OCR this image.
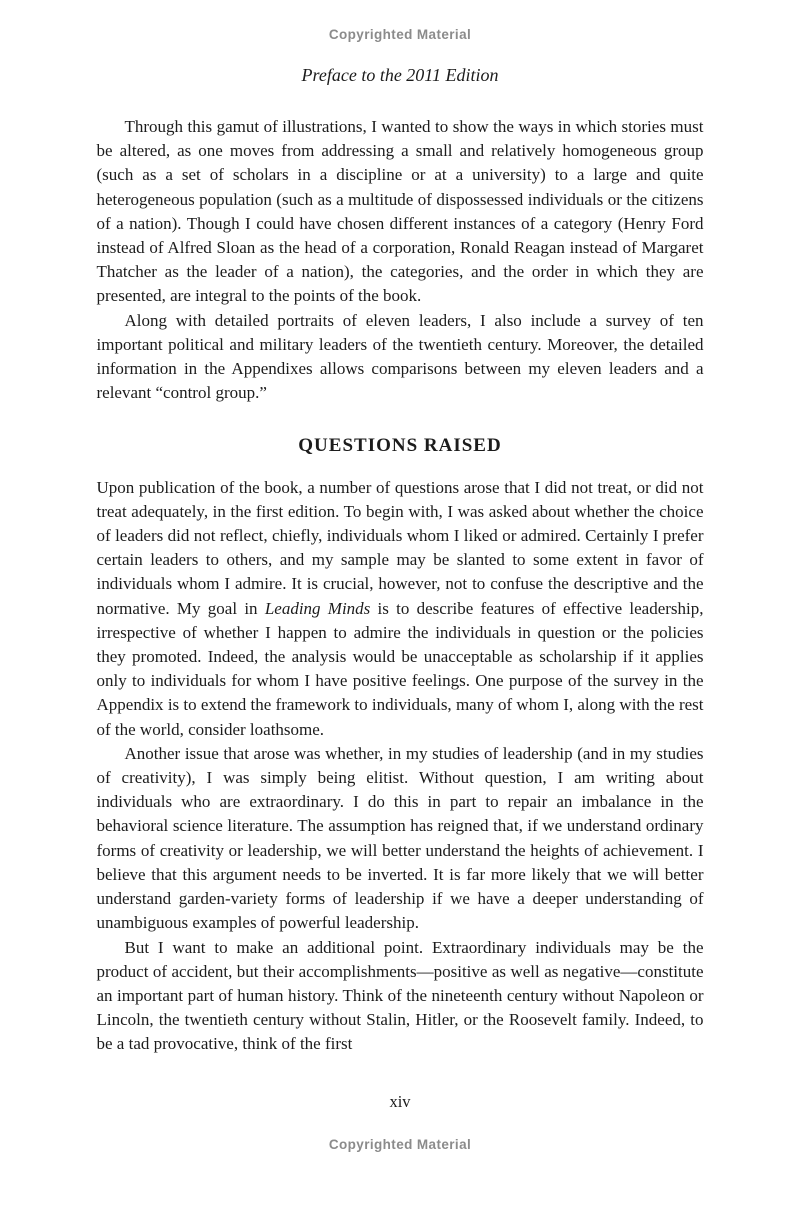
Copyrighted Material
Preface to the 2011 Edition

Through this gamut of illustrations, I wanted to show the ways in which stories must be altered, as one moves from addressing a small and relatively homogeneous group (such as a set of scholars in a discipline or at a university) to a large and quite heterogeneous population (such as a multitude of dispossessed individuals or the citizens of a nation). Though I could have chosen different instances of a category (Henry Ford instead of Alfred Sloan as the head of a corporation, Ronald Reagan instead of Margaret Thatcher as the leader of a nation), the categories, and the order in which they are presented, are integral to the points of the book.

Along with detailed portraits of eleven leaders, I also include a survey of ten important political and military leaders of the twentieth century. Moreover, the detailed information in the Appendixes allows comparisons between my eleven leaders and a relevant “control group.”

QUESTIONS RAISED

Upon publication of the book, a number of questions arose that I did not treat, or did not treat adequately, in the first edition. To begin with, I was asked about whether the choice of leaders did not reflect, chiefly, individuals whom I liked or admired. Certainly I prefer certain leaders to others, and my sample may be slanted to some extent in favor of individuals whom I admire. It is crucial, however, not to confuse the descriptive and the normative. My goal in Leading Minds is to describe features of effective leadership, irrespective of whether I happen to admire the individuals in question or the policies they promoted. Indeed, the analysis would be unacceptable as scholarship if it applies only to individuals for whom I have positive feelings. One purpose of the survey in the Appendix is to extend the framework to individuals, many of whom I, along with the rest of the world, consider loathsome.

Another issue that arose was whether, in my studies of leadership (and in my studies of creativity), I was simply being elitist. Without question, I am writing about individuals who are extraordinary. I do this in part to repair an imbalance in the behavioral science literature. The assumption has reigned that, if we understand ordinary forms of creativity or leadership, we will better understand the heights of achievement. I believe that this argument needs to be inverted. It is far more likely that we will better understand garden-variety forms of leadership if we have a deeper understanding of unambiguous examples of powerful leadership.

But I want to make an additional point. Extraordinary individuals may be the product of accident, but their accomplishments—positive as well as negative—constitute an important part of human history. Think of the nineteenth century without Napoleon or Lincoln, the twentieth century without Stalin, Hitler, or the Roosevelt family. Indeed, to be a tad provocative, think of the first

xiv
Copyrighted Material
